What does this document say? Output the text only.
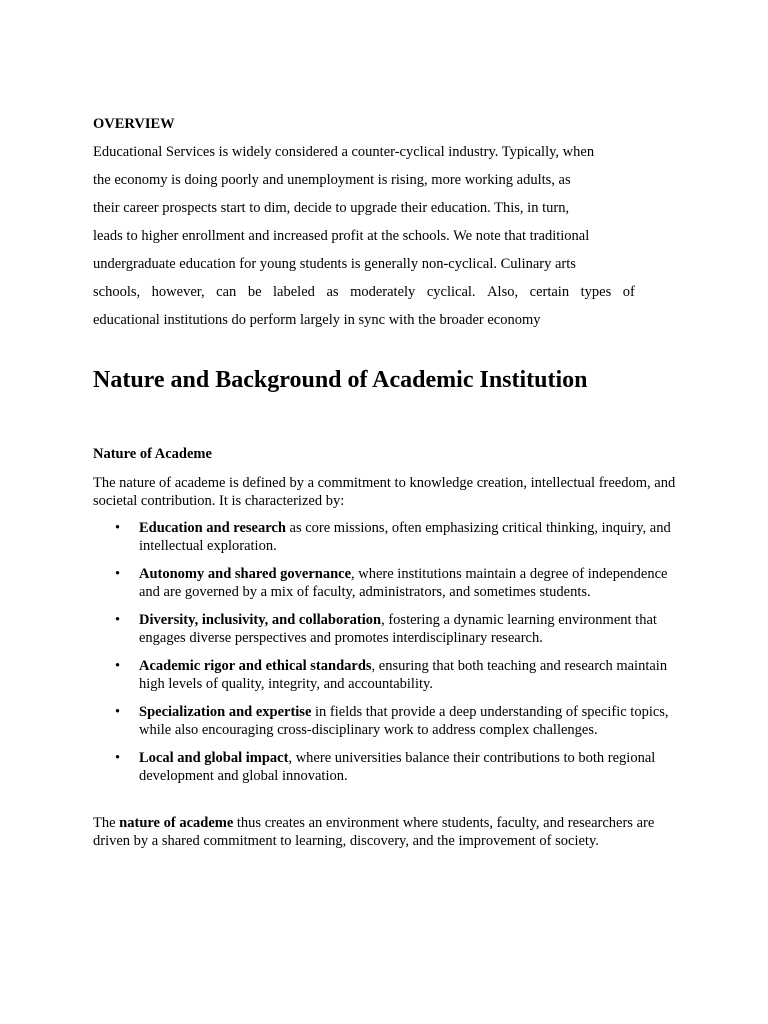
OVERVIEW
Educational Services is widely considered a counter-cyclical industry. Typically, when
the economy is doing poorly and unemployment is rising, more working adults, as
their career prospects start to dim, decide to upgrade their education. This, in turn,
leads to higher enrollment and increased profit at the schools. We note that traditional
undergraduate education for young students is generally non-cyclical. Culinary arts
schools, however, can be labeled as moderately cyclical. Also, certain types of
educational institutions do perform largely in sync with the broader economy
Nature and Background of Academic Institution
Nature of Academe
The nature of academe is defined by a commitment to knowledge creation, intellectual freedom, and societal contribution. It is characterized by:
• Education and research as core missions, often emphasizing critical thinking, inquiry, and intellectual exploration.
• Autonomy and shared governance, where institutions maintain a degree of independence and are governed by a mix of faculty, administrators, and sometimes students.
• Diversity, inclusivity, and collaboration, fostering a dynamic learning environment that engages diverse perspectives and promotes interdisciplinary research.
• Academic rigor and ethical standards, ensuring that both teaching and research maintain high levels of quality, integrity, and accountability.
• Specialization and expertise in fields that provide a deep understanding of specific topics, while also encouraging cross-disciplinary work to address complex challenges.
• Local and global impact, where universities balance their contributions to both regional development and global innovation.
The nature of academe thus creates an environment where students, faculty, and researchers are driven by a shared commitment to learning, discovery, and the improvement of society.
